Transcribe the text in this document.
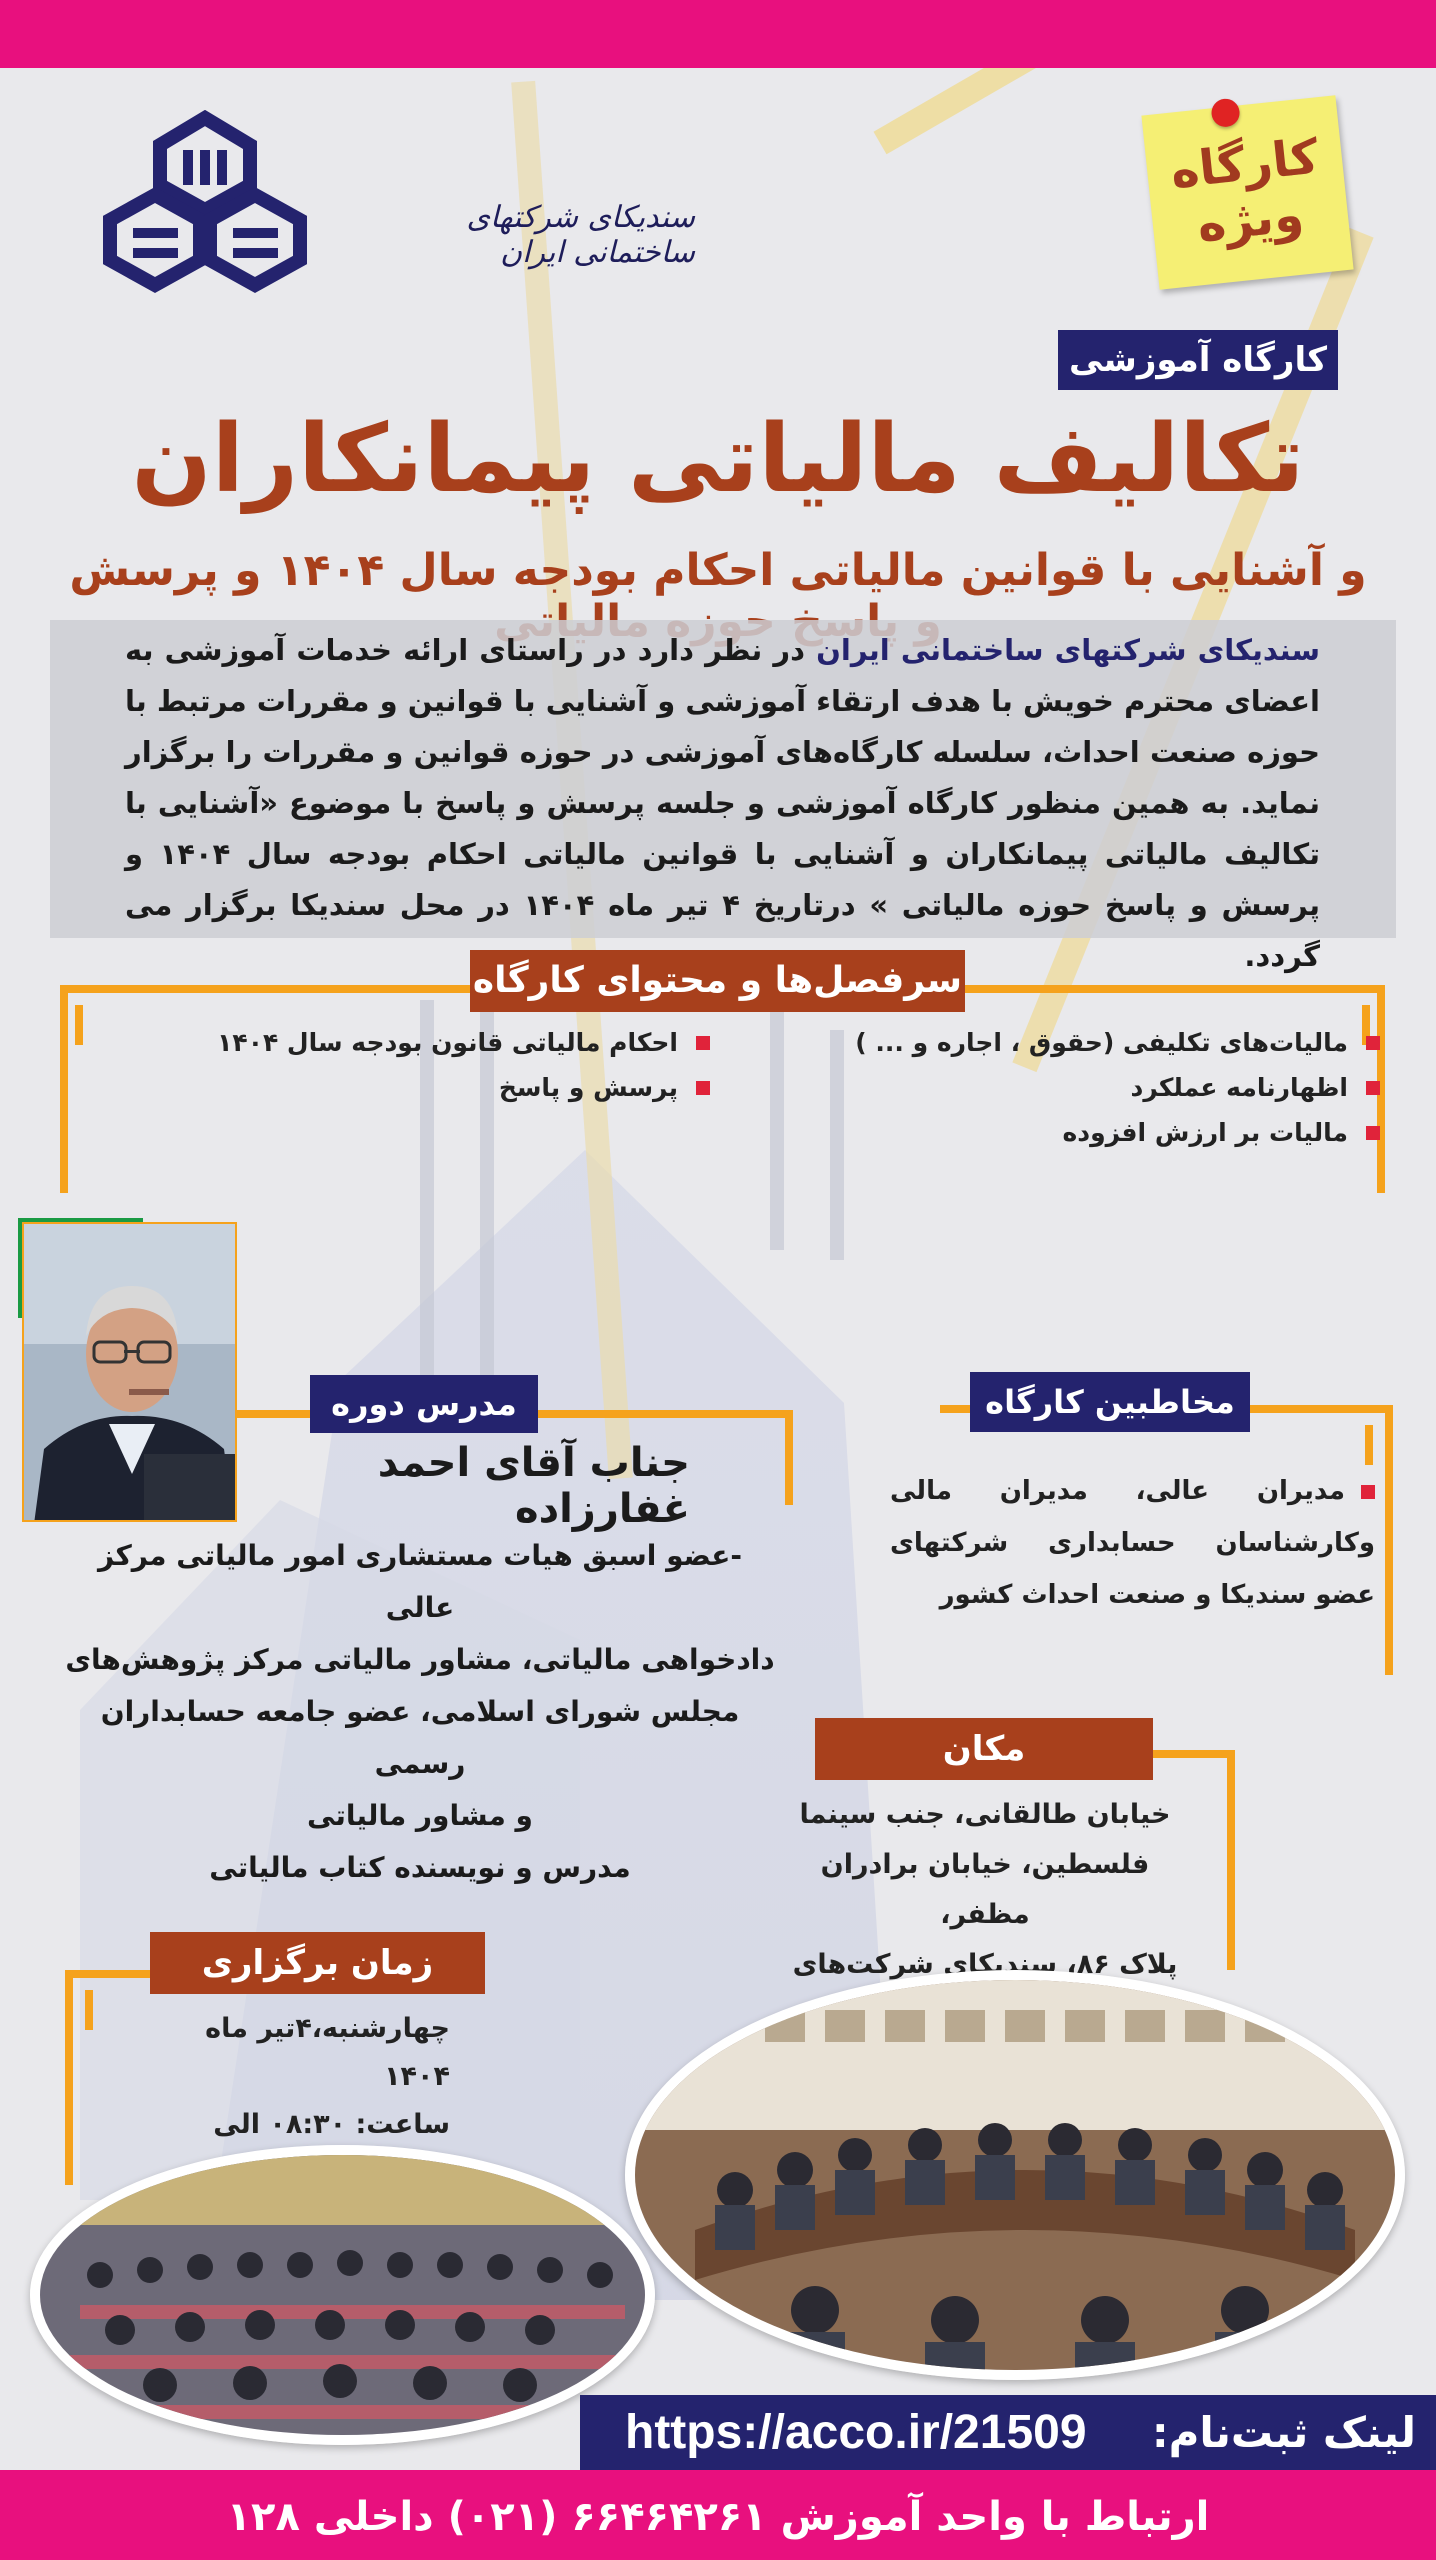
کارگاه
ویژه
سندیکای شرکتهای ساختمانی ایران
کارگاه آموزشی
تکالیف مالیاتی پیمانکاران
و آشنایی با قوانین مالیاتی احکام بودجه سال ۱۴۰۴ و پرسش
سندیکای شرکتهای ساختمانی ایران در نظر دارد در راستای ارائه خدمات آموزشی به اعضای محترم خویش با هدف ارتقاء آموزشی و آشنایی با قوانین و مقررات مرتبط با حوزه صنعت احداث، سلسله کارگاه‌های آموزشی در حوزه قوانین و مقررات را برگزار نماید. به همین منظور کارگاه آموزشی و جلسه پرسش و پاسخ با موضوع «آشنایی با تکالیف مالیاتی پیمانکاران و آشنایی با قوانین مالیاتی احکام بودجه سال ۱۴۰۴ و پرسش و پاسخ حوزه مالیاتی » درتاریخ ۴ تیر ماه ۱۴۰۴ در محل سندیکا برگزار می گردد.
سرفصل‌ها و محتوای کارگاه
مالیات‌های تکلیفی (حقوق ، اجاره و ... )
اظهارنامه عملکرد
مالیات بر ارزش افزوده
احکام مالیاتی قانون بودجه سال ۱۴۰۴
پرسش و پاسخ
مدرس دوره
جناب آقای احمد غفارزاده
-عضو اسبق هیات مستشاری امور مالیاتی مرکز عالی
دادخواهی مالیاتی، مشاور مالیاتی مرکز پژوهش‌های
مجلس شورای اسلامی، عضو جامعه حسابداران رسمی
و مشاور مالیاتی
مدرس و نویسنده کتاب مالیاتی
مخاطبین کارگاه
مدیران عالی، مدیران مالی وکارشناسان حسابداری شرکتهای عضو سندیکا و صنعت احداث کشور
مکان
خیابان طالقانی، جنب سینما
فلسطین، خیابان برادران مظفر،
پلاک ۸۶، سندیکای شرکت‌های
زمان برگزاری
چهارشنبه،۴تیر ماه ۱۴۰۴
ساعت: ۰۸:۳۰ الی
https://acco.ir/21509 لینک ثبت‌نام:
ارتباط با واحد آموزش ۶۶۴۶۴۲۶۱ (۰۲۱) داخلی ۱۲۸
